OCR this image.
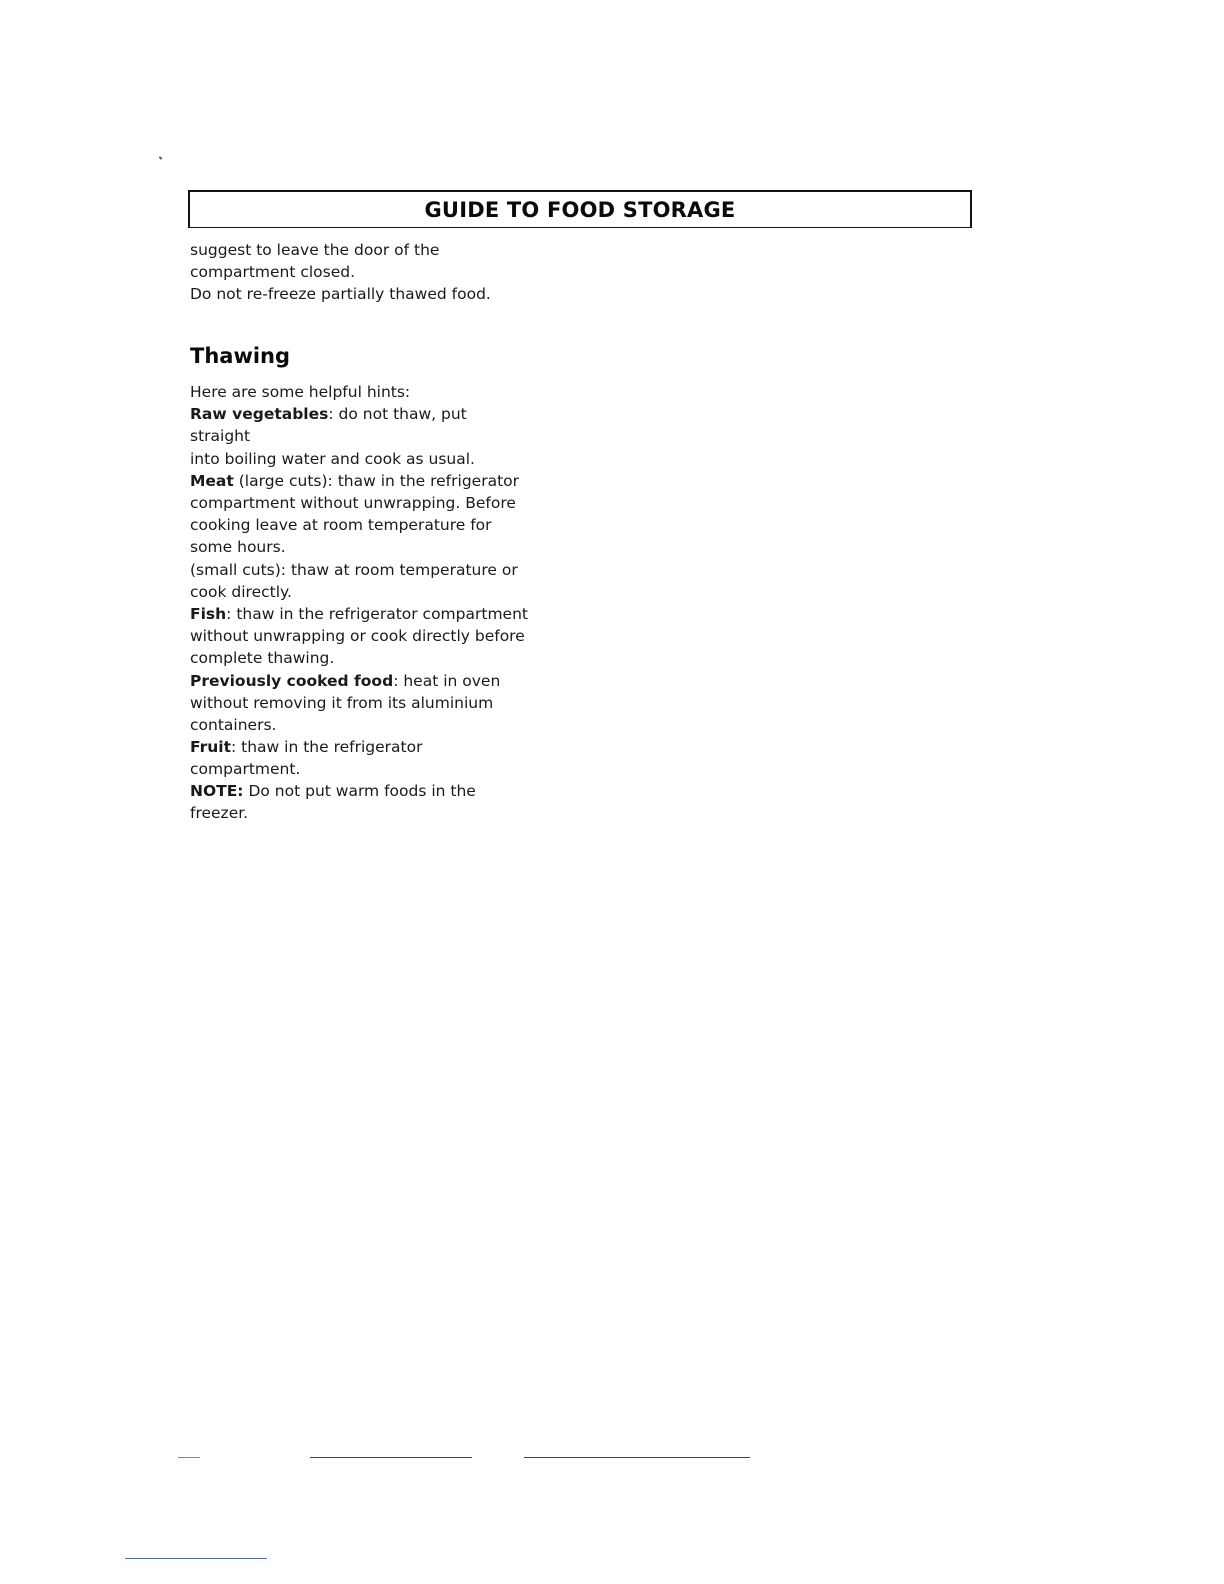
GUIDE TO FOOD STORAGE

suggest to leave the door of the

compartment closed.

Do not re-freeze partially thawed food.

Thawing

Here are some helpful hints:

Raw vegetables: do not thaw, put straight

into boiling water and cook as usual.

Meat (large cuts): thaw in the refrigerator

compartment without unwrapping. Before

cooking leave at room temperature for

some hours.

(small cuts): thaw at room temperature or

cook directly.

Fish: thaw in the refrigerator compartment

without unwrapping or cook directly before

complete thawing.

Previously cooked food: heat in oven

without removing it from its aluminium

containers.

Fruit: thaw in the refrigerator

compartment.

NOTE: Do not put warm foods in the

freezer.
